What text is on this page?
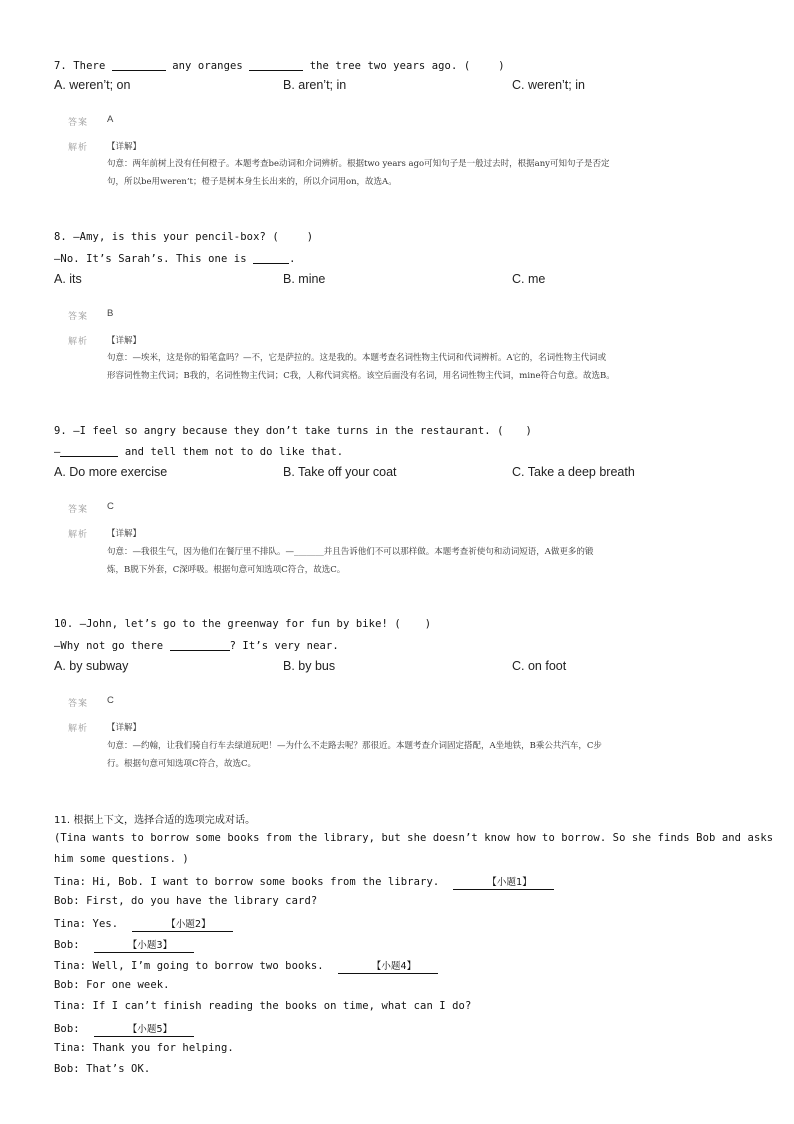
7. There	any oranges	the tree two years ago. (	)
A. weren’t; on	B. aren’t; in	C. weren’t; in
答案 A
解析 【详解】
句意：两年前树上没有任何橙子。本题考查be动词和介词辨析。根据two years ago可知句子是一般过去时，根据any可知句子是否定
句，所以be用weren’t；橙子是树本身生长出来的，所以介词用on，故选A。
8. —Amy, is this your pencil-box? (	)
—No. It’s Sarah’s. This one is	.
A. its	B. mine	C. me
答案 B
解析 【详解】
句意：—埃米，这是你的铅笔盒吗？—不，它是萨拉的。这是我的。本题考查名词性物主代词和代词辨析。A它的，名词性物主代词或
形容词性物主代词；B我的，名词性物主代词；C我，人称代词宾格。该空后面没有名词，用名词性物主代词，mine符合句意。故选B。
9. —I feel so angry because they don’t take turns in the restaurant. ( )
—	and tell them not to do like that.
A. Do more exercise	B. Take off your coat	C. Take a deep breath
答案 C
解析 【详解】
句意：—我很生气，因为他们在餐厅里不排队。—_______并且告诉他们不可以那样做。本题考查祈使句和动词短语，A做更多的锻
炼，B脱下外套，C深呼吸。根据句意可知选项C符合，故选C。
10. —John, let’s go to the greenway for fun by bike! ( )
—Why not go there	? It’s very near.
A. by subway	B. by bus	C. on foot
答案 C
解析 【详解】
句意：—约翰，让我们骑自行车去绿道玩吧！—为什么不走路去呢？那很近。本题考查介词固定搭配，A坐地铁，B乘公共汽车，C步
行。根据句意可知选项C符合，故选C。
11. 根据上下文，选择合适的选项完成对话。
(Tina wants to borrow some books from the library, but she doesn’t know how to borrow. So she finds Bob and asks
him some questions. )
Tina: Hi, Bob. I want to borrow some books from the library.	【小题1】
Bob: First, do you have the library card?
Tina: Yes.	【小题2】
Bob:	【小题3】
Tina: Well, I’m going to borrow two books.	【小题4】
Bob: For one week.
Tina: If I can’t finish reading the books on time, what can I do?
Bob:	【小题5】
Tina: Thank you for helping.
Bob: That’s OK.
